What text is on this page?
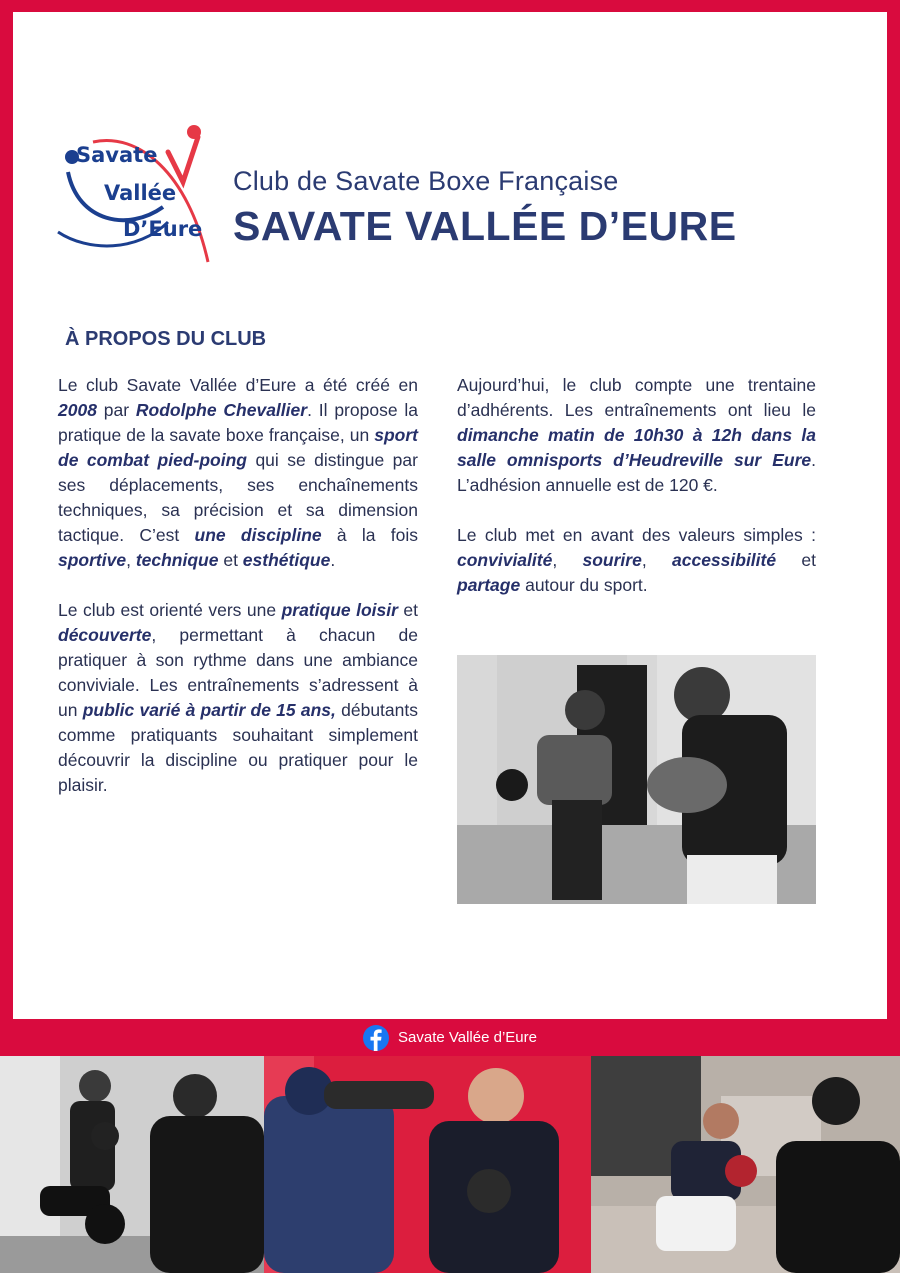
Savate
Vallée
D’Eure
Club de Savate Boxe Française
SAVATE VALLÉE D’EURE
À PROPOS DU CLUB

Le club Savate Vallée d’Eure a été créé en 2008 par Rodolphe Chevallier. Il propose la pratique de la savate boxe française, un sport de combat pied-poing qui se distingue par ses déplacements, ses enchaînements techniques, sa précision et sa dimension tactique. C’est une discipline à la fois sportive, technique et esthétique.

Le club est orienté vers une pratique loisir et découverte, permettant à chacun de pratiquer à son rythme dans une ambiance conviviale. Les entraînements s’adressent à un public varié à partir de 15 ans, débutants comme pratiquants souhaitant simplement découvrir la discipline ou pratiquer pour le plaisir.

Aujourd’hui, le club compte une trentaine d’adhérents. Les entraînements ont lieu le dimanche matin de 10h30 à 12h dans la salle omnisports d’Heudreville sur Eure. L’adhésion annuelle est de 120 €.

Le club met en avant des valeurs simples : convivialité, sourire, accessibilité et partage autour du sport.

Savate Vallée d’Eure
